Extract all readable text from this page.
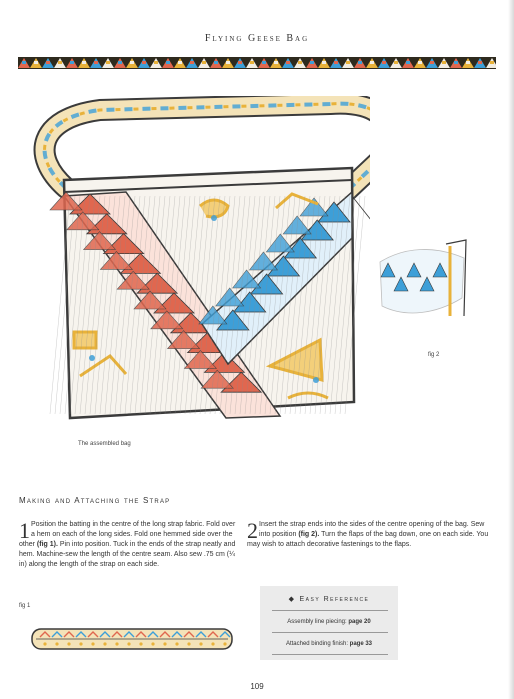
Flying Geese Bag
fig 2
The assembled bag
Making and Attaching the Strap
1 Position the batting in the centre of the long strap fabric. Fold over a hem on each of the long sides. Fold one hemmed side over the other (fig 1). Pin into position. Tuck in the ends of the strap neatly and hem. Machine-sew the length of the centre seam. Also sew .75 cm (¼ in) along the length of the strap on each side.
2 Insert the strap ends into the sides of the centre opening of the bag. Sew into position (fig 2). Turn the flaps of the bag down, one on each side. You may wish to attach decorative fastenings to the flaps.
fig 1
◆ Easy Reference
Assembly line piecing: page 20
Attached binding finish: page 33
109
